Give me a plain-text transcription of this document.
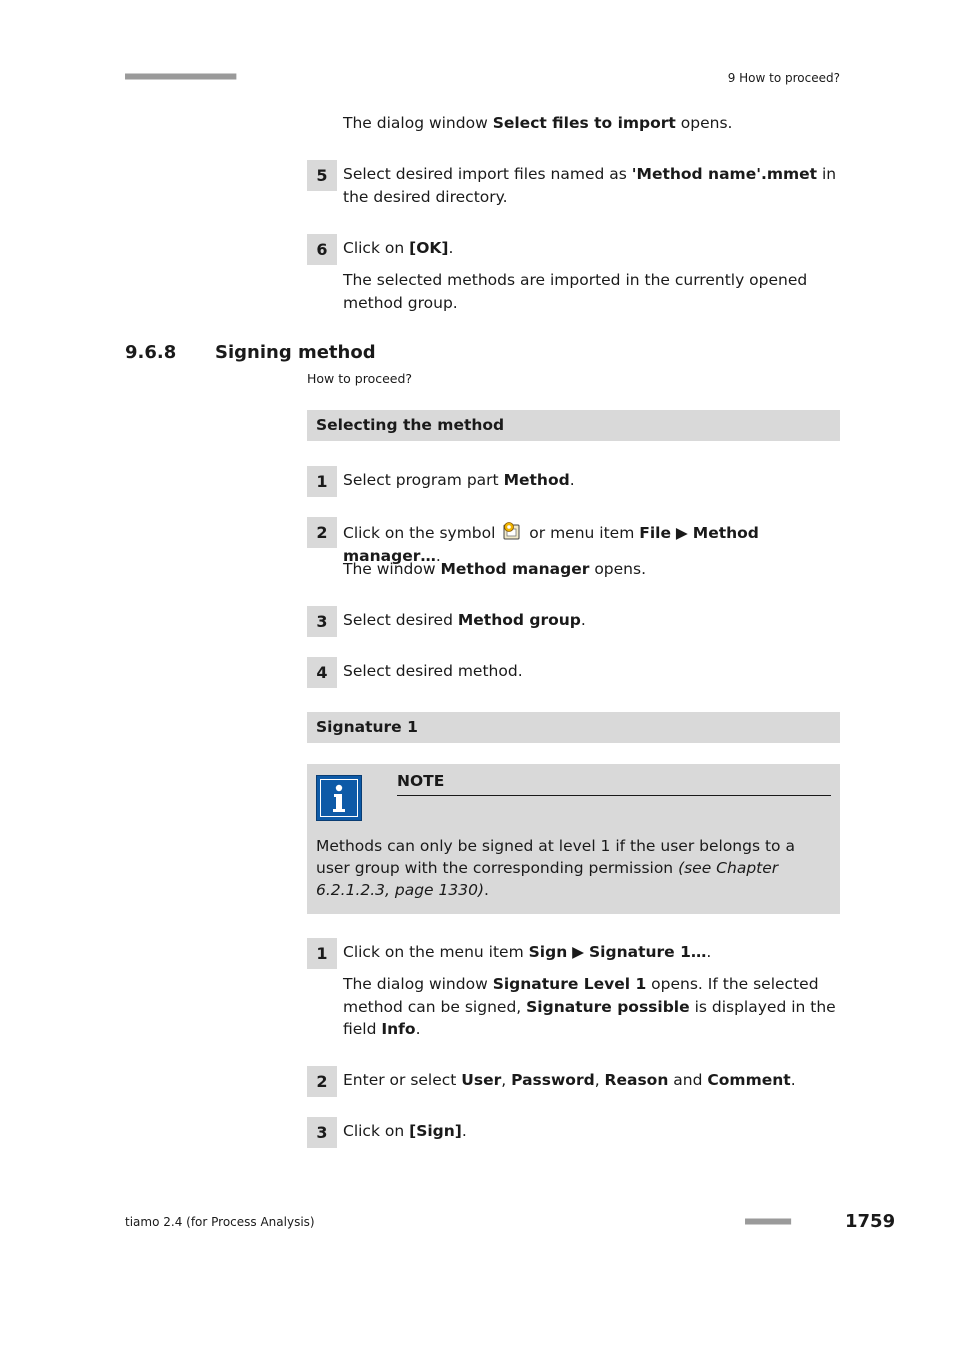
■■■■■■■■■■■■■■■■■■■■■■	9 How to proceed?
The dialog window Select files to import opens.
5 Select desired import files named as 'Method name'.mmet in the desired directory.
6 Click on [OK].
The selected methods are imported in the currently opened method group.
9.6.8 Signing method
How to proceed?
Selecting the method
1 Select program part Method.
2 Click on the symbol  or menu item File ▶ Method manager….
The window Method manager opens.
3 Select desired Method group.
4 Select desired method.
Signature 1
NOTE
Methods can only be signed at level 1 if the user belongs to a user group with the corresponding permission (see Chapter 6.2.1.2.3, page 1330).
1 Click on the menu item Sign ▶ Signature 1….
The dialog window Signature Level 1 opens. If the selected method can be signed, Signature possible is displayed in the field Info.
2 Enter or select User, Password, Reason and Comment.
3 Click on [Sign].
tiamo 2.4 (for Process Analysis)	■■■■■■■■■	1759
